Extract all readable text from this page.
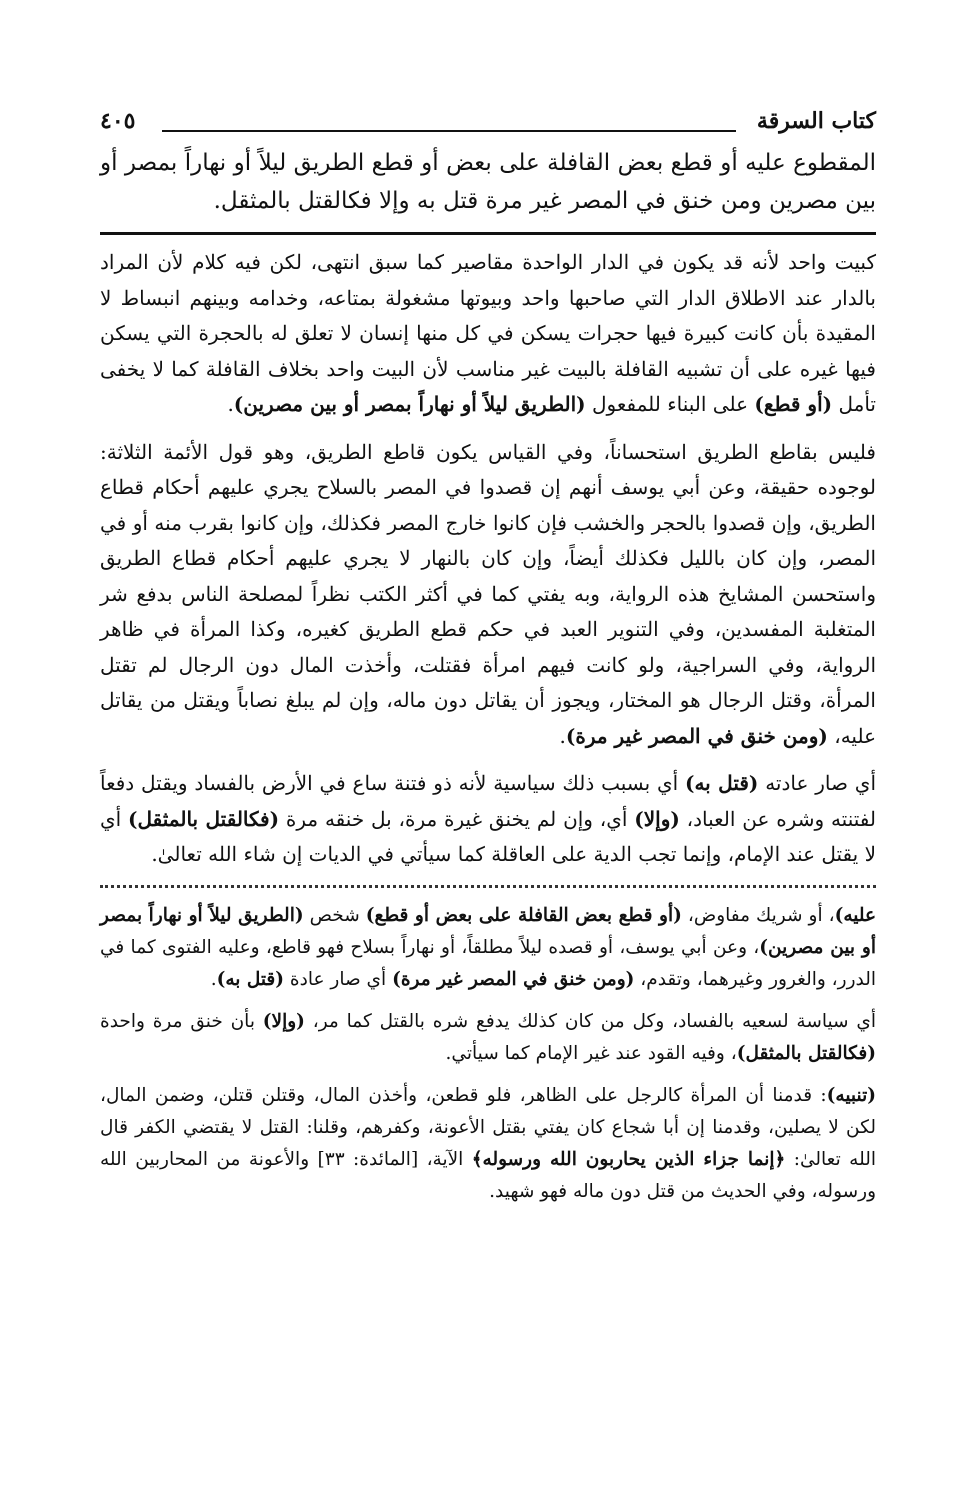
كتاب السرقة
٤٠٥

المقطوع عليه أو قطع بعض القافلة على بعض أو قطع الطريق ليلاً أو نهاراً بمصر أو بين مصرين ومن خنق في المصر غير مرة قتل به وإلا فكالقتل بالمثقل.

كبيت واحد لأنه قد يكون في الدار الواحدة مقاصير كما سبق انتهى، لكن فيه كلام لأن المراد بالدار عند الاطلاق الدار التي صاحبها واحد وبيوتها مشغولة بمتاعه، وخدامه وبينهم انبساط لا المقيدة بأن كانت كبيرة فيها حجرات يسكن في كل منها إنسان لا تعلق له بالحجرة التي يسكن فيها غيره على أن تشبيه القافلة بالبيت غير مناسب لأن البيت واحد بخلاف القافلة كما لا يخفى تأمل (أو قطع) على البناء للمفعول (الطريق ليلاً أو نهاراً بمصر أو بين مصرين).

فليس بقاطع الطريق استحساناً، وفي القياس يكون قاطع الطريق، وهو قول الأئمة الثلاثة: لوجوده حقيقة، وعن أبي يوسف أنهم إن قصدوا في المصر بالسلاح يجري عليهم أحكام قطاع الطريق، وإن قصدوا بالحجر والخشب فإن كانوا خارج المصر فكذلك، وإن كانوا بقرب منه أو في المصر، وإن كان بالليل فكذلك أيضاً، وإن كان بالنهار لا يجري عليهم أحكام قطاع الطريق واستحسن المشايخ هذه الرواية، وبه يفتي كما في أكثر الكتب نظراً لمصلحة الناس بدفع شر المتغلبة المفسدين، وفي التنوير العبد في حكم قطع الطريق كغيره، وكذا المرأة في ظاهر الرواية، وفي السراجية، ولو كانت فيهم امرأة فقتلت، وأخذت المال دون الرجال لم تقتل المرأة، وقتل الرجال هو المختار، ويجوز أن يقاتل دون ماله، وإن لم يبلغ نصاباً ويقتل من يقاتل عليه، (ومن خنق في المصر غير مرة).

أي صار عادته (قتل به) أي بسبب ذلك سياسية لأنه ذو فتنة ساع في الأرض بالفساد ويقتل دفعاً لفتنته وشره عن العباد، (وإلا) أي، وإن لم يخنق غيرة مرة، بل خنقه مرة (فكالقتل بالمثقل) أي لا يقتل عند الإمام، وإنما تجب الدية على العاقلة كما سيأتي في الديات إن شاء الله تعالىٰ.

عليه)، أو شريك مفاوض، (أو قطع بعض القافلة على بعض أو قطع) شخص (الطريق ليلاً أو نهاراً بمصر أو بين مصرين)، وعن أبي يوسف، أو قصده ليلاً مطلقاً، أو نهاراً بسلاح فهو قاطع، وعليه الفتوى كما في الدرر، والغرور وغيرهما، وتقدم، (ومن خنق في المصر غير مرة) أي صار عادة (قتل به).

أي سياسة لسعيه بالفساد، وكل من كان كذلك يدفع شره بالقتل كما مر، (وإلا) بأن خنق مرة واحدة (فكالقتل بالمثقل)، وفيه القود عند غير الإمام كما سيأتي.

(تنبيه): قدمنا أن المرأة كالرجل على الظاهر، فلو قطعن، وأخذن المال، وقتلن قتلن، وضمن المال، لكن لا يصلين، وقدمنا إن أبا شجاع كان يفتي بقتل الأعونة، وكفرهم، وقلنا: القتل لا يقتضي الكفر قال الله تعالىٰ: ﴿إنما جزاء الذين يحاربون الله ورسوله﴾ الآية، [المائدة: ٣٣] والأعونة من المحاربين الله ورسوله، وفي الحديث من قتل دون ماله فهو شهيد.
